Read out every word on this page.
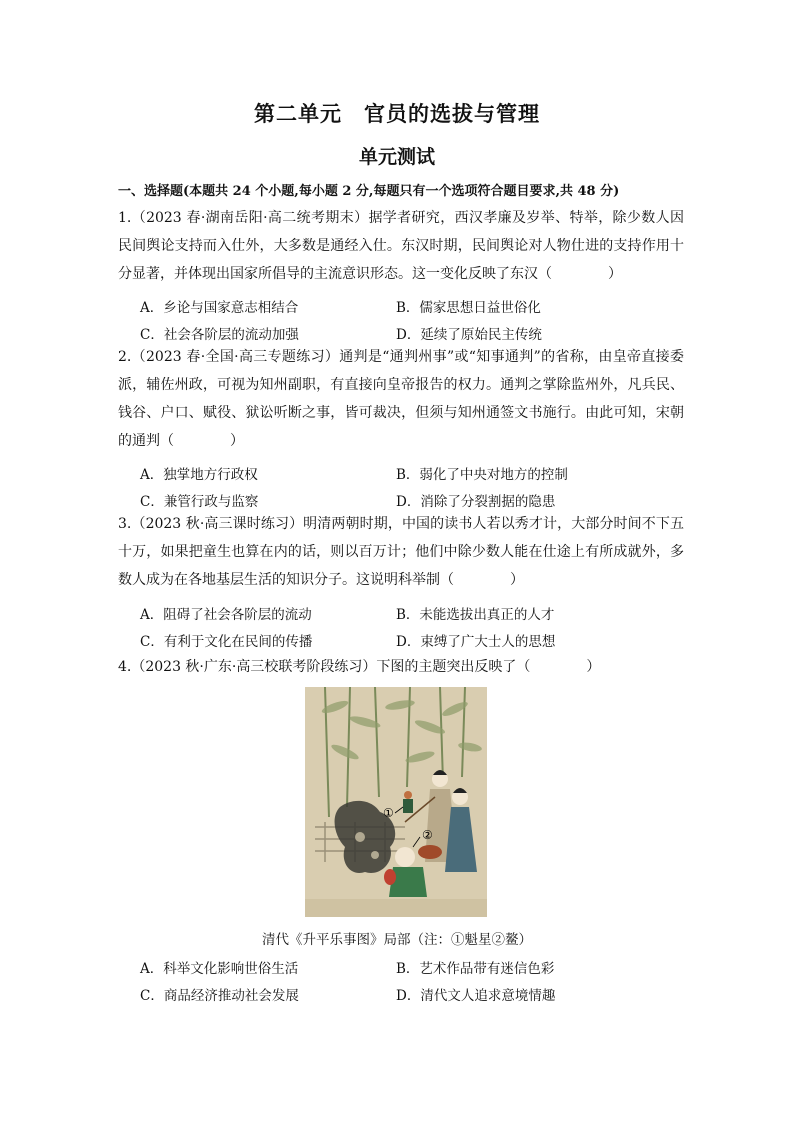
第二单元　官员的选拔与管理
单元测试
一、选择题(本题共 24 个小题,每小题 2 分,每题只有一个选项符合题目要求,共 48 分)

1.（2023 春·湖南岳阳·高二统考期末）据学者研究，西汉孝廉及岁举、特举，除少数人因民间舆论支持而入仕外，大多数是通经入仕。东汉时期，民间舆论对人物仕进的支持作用十分显著，并体现出国家所倡导的主流意识形态。这一变化反映了东汉（	）

A．乡论与国家意志相结合	B．儒家思想日益世俗化
C．社会各阶层的流动加强	D．延续了原始民主传统

2.（2023 春·全国·高三专题练习）通判是“通判州事”或“知事通判”的省称，由皇帝直接委派，辅佐州政，可视为知州副职，有直接向皇帝报告的权力。通判之掌除监州外，凡兵民、钱谷、户口、赋役、狱讼听断之事，皆可裁决，但须与知州通签文书施行。由此可知，宋朝的通判（	）

A．独掌地方行政权	B．弱化了中央对地方的控制
C．兼管行政与监察	D．消除了分裂割据的隐患

3.（2023 秋·高三课时练习）明清两朝时期，中国的读书人若以秀才计，大部分时间不下五十万，如果把童生也算在内的话，则以百万计；他们中除少数人能在仕途上有所成就外，多数人成为在各地基层生活的知识分子。这说明科举制（	）

A．阻碍了社会各阶层的流动	B．未能选拔出真正的人才
C．有利于文化在民间的传播	D．束缚了广大士人的思想

4.（2023 秋·广东·高三校联考阶段练习）下图的主题突出反映了（	）

①
②
清代《升平乐事图》局部（注：①魁星②鳌）
A．科举文化影响世俗生活	B．艺术作品带有迷信色彩
C．商品经济推动社会发展	D．清代文人追求意境情趣
